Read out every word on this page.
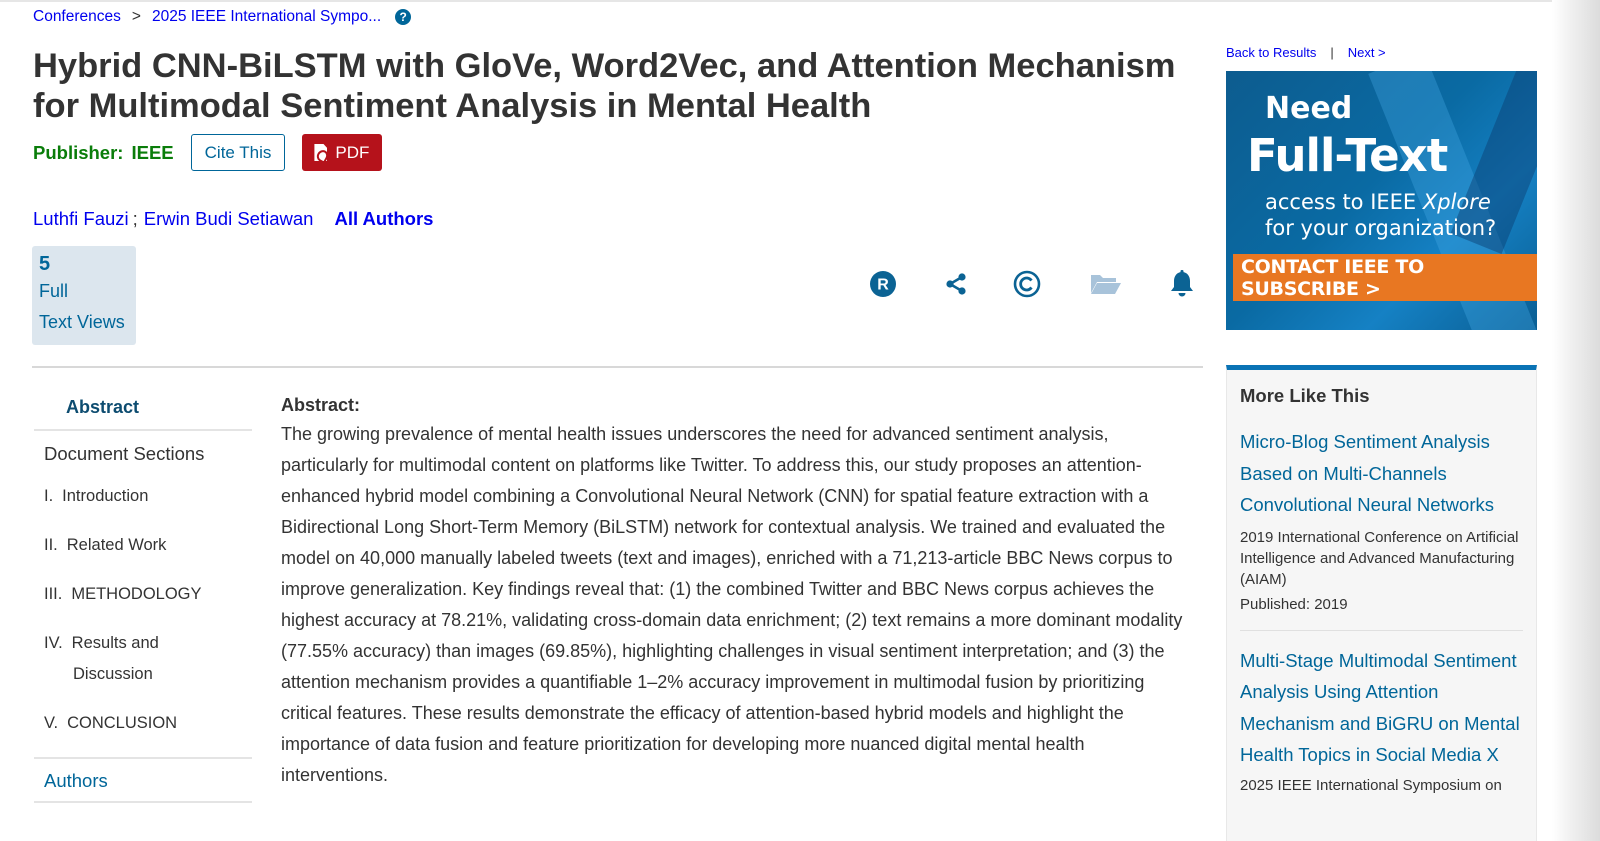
Conferences > 2025 IEEE International Sympo...	?
Hybrid CNN-BiLSTM with GloVe, Word2Vec, and Attention Mechanism for Multimodal Sentiment Analysis in Mental Health
Publisher: IEEE	Cite This	PDF
Luthfi Fauzi ; Erwin Budi Setiawan All Authors
5
Full
Text Views
R
Abstract
Document Sections
I. Introduction
II. Related Work
III. METHODOLOGY
IV. Results and
Discussion
V. CONCLUSION
Authors
Abstract:

The growing prevalence of mental health issues underscores the need for advanced sentiment analysis, particularly for multimodal content on platforms like Twitter. To address this, our study proposes an attention-enhanced hybrid model combining a Convolutional Neural Network (CNN) for spatial feature extraction with a Bidirectional Long Short-Term Memory (BiLSTM) network for contextual analysis. We trained and evaluated the model on 40,000 manually labeled tweets (text and images), enriched with a 71,213-article BBC News corpus to improve generalization. Key findings reveal that: (1) the combined Twitter and BBC News corpus achieves the highest accuracy at 78.21%, validating cross-domain data enrichment; (2) text remains a more dominant modality (77.55% accuracy) than images (69.85%), highlighting challenges in visual sentiment interpretation; and (3) the attention mechanism provides a quantifiable 1–2% accuracy improvement in multimodal fusion by prioritizing critical features. These results demonstrate the efficacy of attention-based hybrid models and highlight the importance of data fusion and feature prioritization for developing more nuanced digital mental health interventions.

Back to Results | Next >
Need
Full-Text
access to IEEE Xplore
for your organization?
CONTACT IEEE TO SUBSCRIBE >
More Like This
Micro-Blog Sentiment Analysis Based on Multi-Channels Convolutional Neural Networks
2019 International Conference on Artificial Intelligence and Advanced Manufacturing (AIAM)
Published: 2019
Multi-Stage Multimodal Sentiment Analysis Using Attention Mechanism and BiGRU on Mental Health Topics in Social Media X
2025 IEEE International Symposium on
